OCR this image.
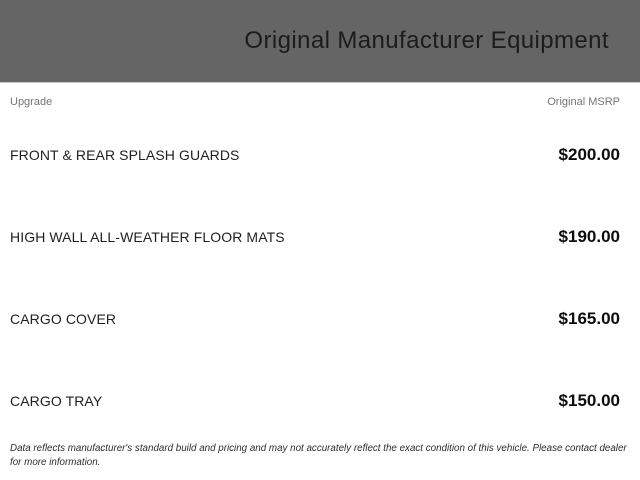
Original Manufacturer Equipment
Upgrade	Original MSRP
FRONT & REAR SPLASH GUARDS	$200.00
HIGH WALL ALL-WEATHER FLOOR MATS	$190.00
CARGO COVER	$165.00
CARGO TRAY	$150.00
Data reflects manufacturer's standard build and pricing and may not accurately reflect the exact condition of this vehicle. Please contact dealer for more information.
